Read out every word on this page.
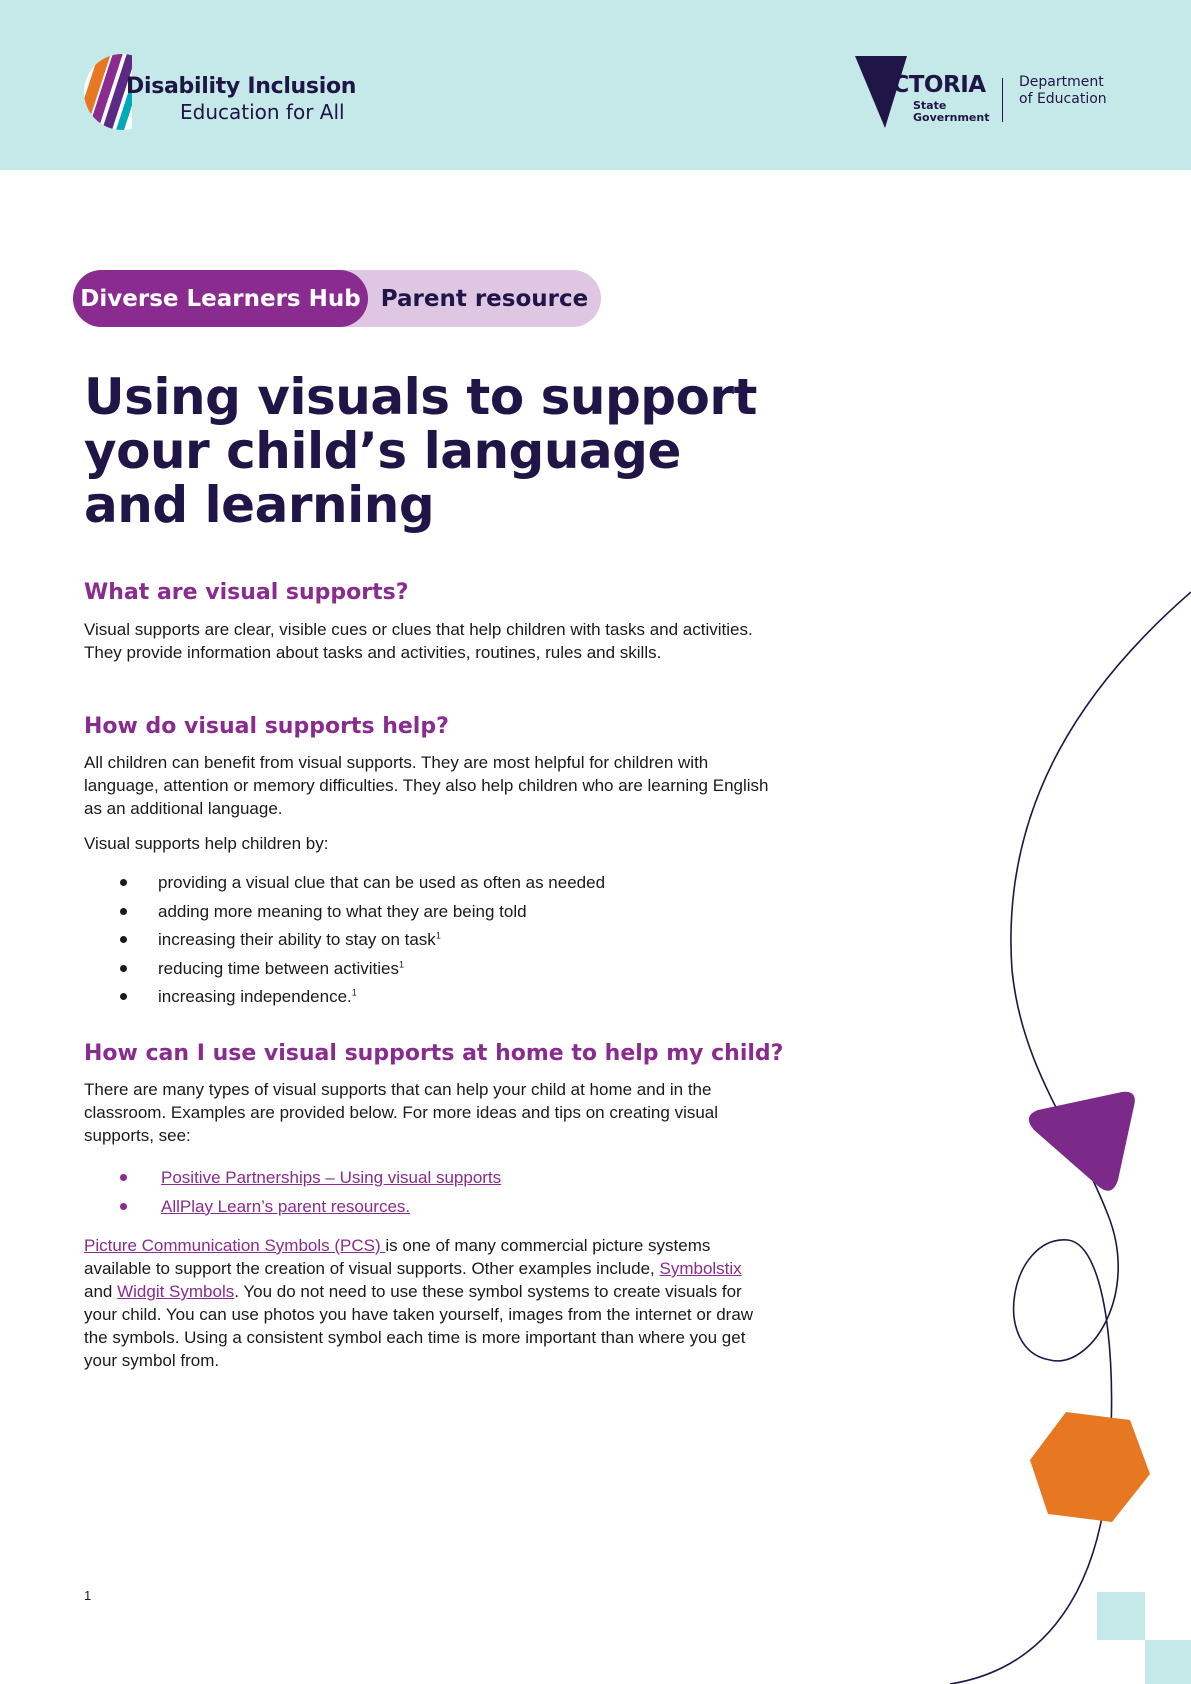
Disability Inclusion
Education for All
VICTORIA
State
Government
Department
of Education
Diverse Learners Hub Parent resource
Using visuals to support
your child’s language
and learning
What are visual supports?

Visual supports are clear, visible cues or clues that help children with tasks and activities. They provide information about tasks and activities, routines, rules and skills.

How do visual supports help?

All children can benefit from visual supports. They are most helpful for children with language, attention or memory difficulties. They also help children who are learning English as an additional language.

Visual supports help children by:

providing a visual clue that can be used as often as needed
adding more meaning to what they are being told
increasing their ability to stay on task$^1$
reducing time between activities$^1$
increasing independence.$^1$
How can I use visual supports at home to help my child?

There are many types of visual supports that can help your child at home and in the classroom. Examples are provided below. For more ideas and tips on creating visual supports, see:

Positive Partnerships – Using visual supports
AllPlay Learn’s parent resources.

Picture Communication Symbols (PCS) is one of many commercial picture systems available to support the creation of visual supports. Other examples include, Symbolstix and Widgit Symbols. You do not need to use these symbol systems to create visuals for your child. You can use photos you have taken yourself, images from the internet or draw the symbols. Using a consistent symbol each time is more important than where you get your symbol from.

1
